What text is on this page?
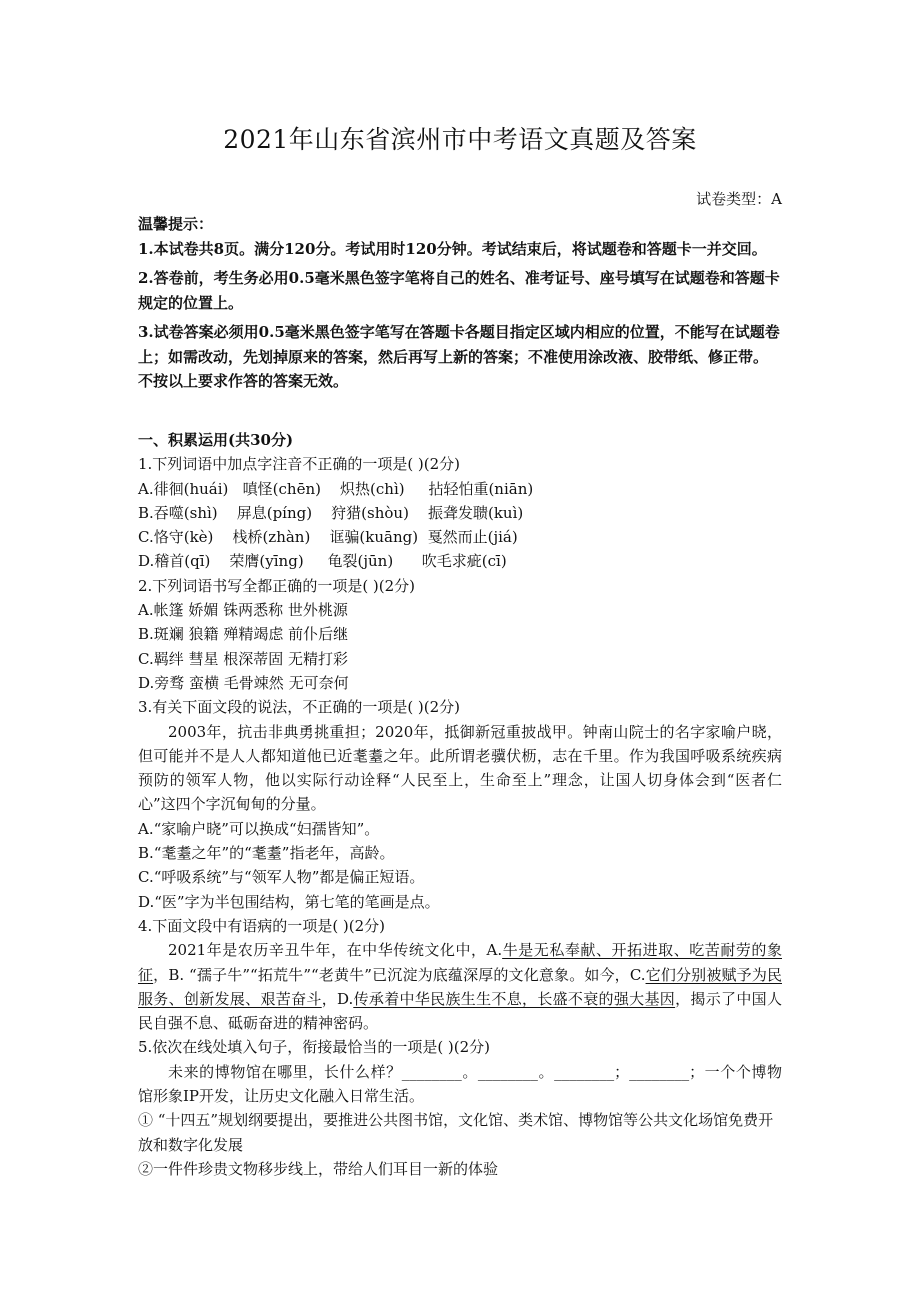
2021年山东省滨州市中考语文真题及答案
试卷类型：A

温馨提示：

1.本试卷共8页。满分120分。考试用时120分钟。考试结束后，将试题卷和答题卡一并交回。

2.答卷前，考生务必用0.5毫米黑色签字笔将自己的姓名、准考证号、座号填写在试题卷和答题卡规定的位置上。

3.试卷答案必须用0.5毫米黑色签字笔写在答题卡各题目指定区域内相应的位置，不能写在试题卷上；如需改动，先划掉原来的答案，然后再写上新的答案；不准使用涂改液、胶带纸、修正带。不按以上要求作答的答案无效。

一、积累运用(共30分)

1.下列词语中加点字注音不正确的一项是( )(2分)

A.徘徊(huái)   嗔怪(chēn)    炽热(chì)     拈轻怕重(niān)

B.吞噬(shì)    屏息(píng)    狩猎(shòu)    振聋发聩(kuì)

C.恪守(kè)    栈桥(zhàn)    诓骗(kuāng)  戛然而止(jiá)

D.稽首(qī)    荣膺(yīng)     龟裂(jūn)      吹毛求疵(cī)

2.下列词语书写全都正确的一项是( )(2分)

A.帐篷 娇媚 铢两悉称 世外桃源

B.斑斓 狼籍 殚精竭虑 前仆后继

C.羁绊 彗星 根深蒂固 无精打彩

D.旁骛 蛮横 毛骨竦然 无可奈何

3.有关下面文段的说法，不正确的一项是( )(2分)

2003年，抗击非典勇挑重担；2020年，抵御新冠重披战甲。钟南山院士的名字家喻户晓，但可能并不是人人都知道他已近耄耋之年。此所谓老骥伏枥，志在千里。作为我国呼吸系统疾病预防的领军人物，他以实际行动诠释“人民至上，生命至上”理念，让国人切身体会到“医者仁心”这四个字沉甸甸的分量。

A.“家喻户晓”可以换成“妇孺皆知”。

B.“耄耋之年”的“耄耋”指老年，高龄。

C.“呼吸系统”与“领军人物”都是偏正短语。

D.“医”字为半包围结构，第七笔的笔画是点。

4.下面文段中有语病的一项是( )(2分)

2021年是农历辛丑牛年，在中华传统文化中，A.牛是无私奉献、开拓进取、吃苦耐劳的象征，B. “孺子牛”“拓荒牛”“老黄牛”已沉淀为底蕴深厚的文化意象。如今，C.它们分别被赋予为民服务、创新发展、艰苦奋斗，D.传承着中华民族生生不息，长盛不衰的强大基因，揭示了中国人民自强不息、砥砺奋进的精神密码。

5.依次在线处填入句子，衔接最恰当的一项是( )(2分)

未来的博物馆在哪里，长什么样？________。________。________；________；一个个博物馆形象IP开发，让历史文化融入日常生活。

① “十四五”规划纲要提出，要推进公共图书馆，文化馆、类术馆、博物馆等公共文化场馆免费开放和数字化发展

②一件件珍贵文物移步线上，带给人们耳目一新的体验
